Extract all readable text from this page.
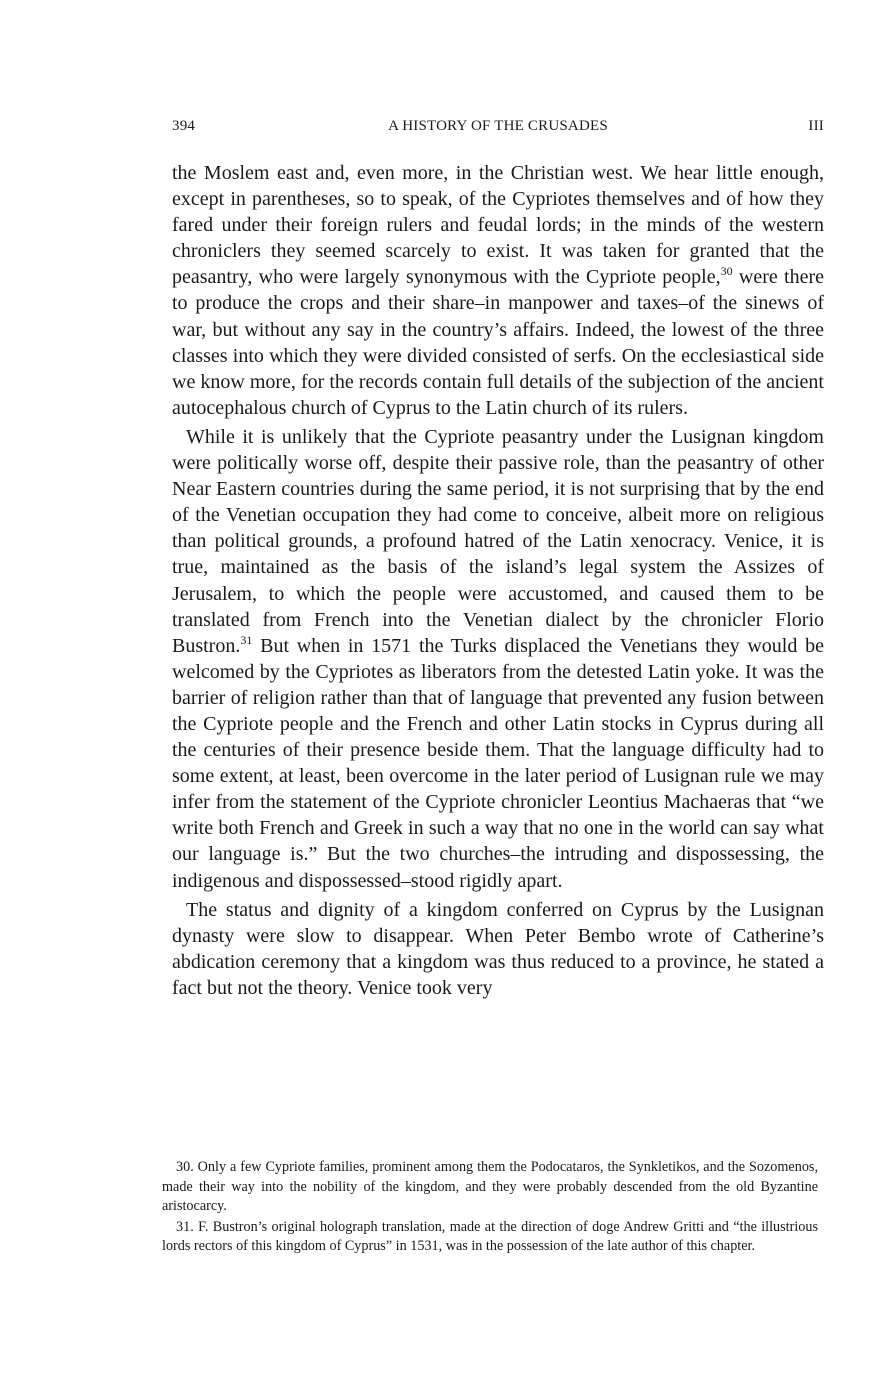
394	A HISTORY OF THE CRUSADES	III

the Moslem east and, even more, in the Christian west. We hear little enough, except in parentheses, so to speak, of the Cypriotes themselves and of how they fared under their foreign rulers and feudal lords; in the minds of the western chroniclers they seemed scarcely to exist. It was taken for granted that the peasantry, who were largely synonymous with the Cypriote people,$^{30}$ were there to produce the crops and their share–in manpower and taxes–of the sinews of war, but without any say in the country’s affairs. Indeed, the lowest of the three classes into which they were divided consisted of serfs. On the ecclesiastical side we know more, for the records contain full details of the subjection of the ancient autocephalous church of Cyprus to the Latin church of its rulers.

While it is unlikely that the Cypriote peasantry under the Lusignan kingdom were politically worse off, despite their passive role, than the peasantry of other Near Eastern countries during the same period, it is not surprising that by the end of the Venetian occupation they had come to conceive, albeit more on religious than political grounds, a profound hatred of the Latin xenocracy. Venice, it is true, maintained as the basis of the island’s legal system the Assizes of Jerusalem, to which the people were accustomed, and caused them to be translated from French into the Venetian dialect by the chronicler Florio Bustron.$^{31}$ But when in 1571 the Turks displaced the Venetians they would be welcomed by the Cypriotes as liberators from the detested Latin yoke. It was the barrier of religion rather than that of language that prevented any fusion between the Cypriote people and the French and other Latin stocks in Cyprus during all the centuries of their presence beside them. That the language difficulty had to some extent, at least, been overcome in the later period of Lusignan rule we may infer from the statement of the Cypriote chronicler Leontius Machaeras that “we write both French and Greek in such a way that no one in the world can say what our language is.” But the two churches–the intruding and dispossessing, the indigenous and dispossessed–stood rigidly apart.

The status and dignity of a kingdom conferred on Cyprus by the Lusignan dynasty were slow to disappear. When Peter Bembo wrote of Catherine’s abdication ceremony that a kingdom was thus reduced to a province, he stated a fact but not the theory. Venice took very

30. Only a few Cypriote families, prominent among them the Podocataros, the Synkletikos, and the Sozomenos, made their way into the nobility of the kingdom, and they were probably descended from the old Byzantine aristocarcy.

31. F. Bustron’s original holograph translation, made at the direction of doge Andrew Gritti and “the illustrious lords rectors of this kingdom of Cyprus” in 1531, was in the possession of the late author of this chapter.
